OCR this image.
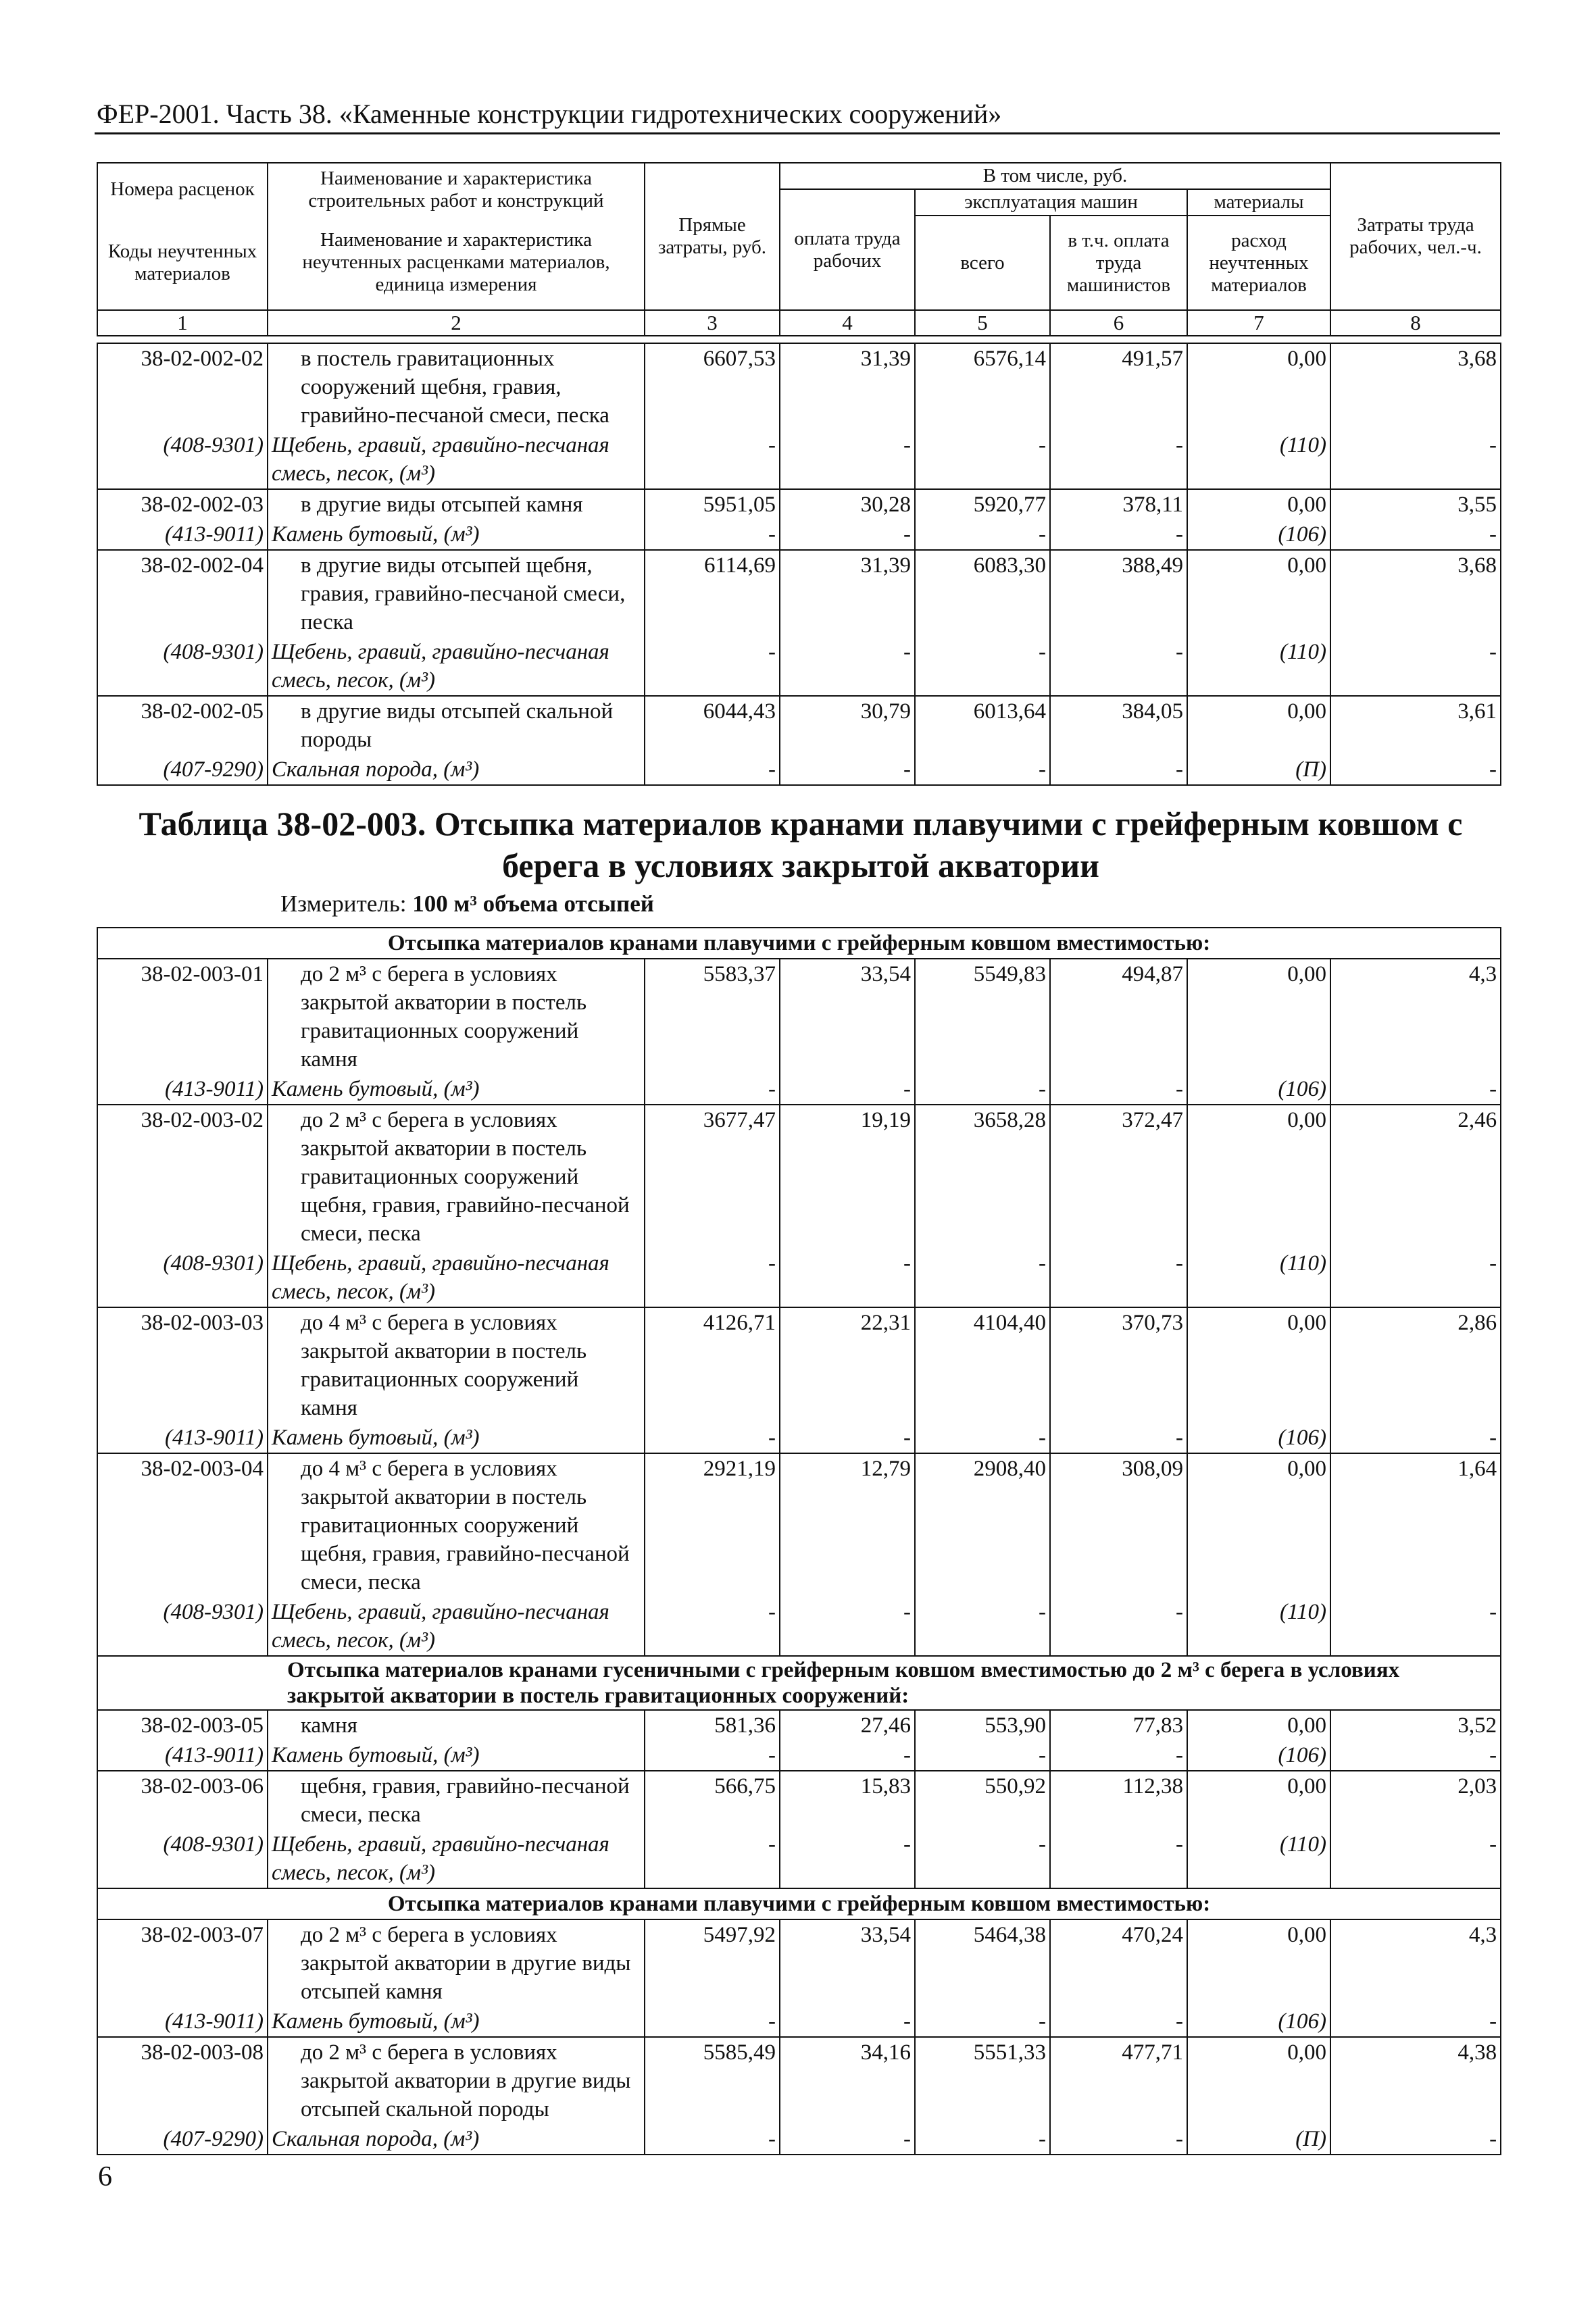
ФЕР-2001. Часть 38. «Каменные конструкции гидротехнических сооружений»
Номера расценок	Наименование и характеристика строительных работ и конструкций	Прямые затраты, руб.	В том числе, руб.				Затраты труда рабочих, чел.-ч.
			оплата труда рабочих	эксплуатация машин		материалы	
Коды неучтенных материалов	Наименование и характеристика неучтенных расценками материалов, единица измерения			всего	в т.ч. оплата труда машинистов	расход неучтенных материалов	

1	2	3	4	5	6	7	8
38-02-002-02	в постель гравитационных сооружений щебня, гравия, гравийно-песчаной смеси, песка	6607,53	31,39	6576,14	491,57	0,00	3,68
(408-9301)	Щебень, гравий, гравийно-песчаная смесь, песок, (м³)	-	-	-	-	(110)	-
38-02-002-03	в другие виды отсыпей камня	5951,05	30,28	5920,77	378,11	0,00	3,55
(413-9011)	Камень бутовый, (м³)	-	-	-	-	(106)	-
38-02-002-04	в другие виды отсыпей щебня, гравия, гравийно-песчаной смеси, песка	6114,69	31,39	6083,30	388,49	0,00	3,68
(408-9301)	Щебень, гравий, гравийно-песчаная смесь, песок, (м³)	-	-	-	-	(110)	-
38-02-002-05	в другие виды отсыпей скальной породы	6044,43	30,79	6013,64	384,05	0,00	3,61
(407-9290)	Скальная порода, (м³)	-	-	-	-	(П)	-
Таблица 38-02-003. Отсыпка материалов кранами плавучими с грейферным ковшом с
берега в условиях закрытой акватории
Измеритель: 100 м³ объема отсыпей
Отсыпка материалов кранами плавучими с грейферным ковшом вместимостью:							
38-02-003-01	до 2 м³ с берега в условиях закрытой акватории в постель гравитационных сооружений камня	5583,37	33,54	5549,83	494,87	0,00	4,3
(413-9011)	Камень бутовый, (м³)	-	-	-	-	(106)	-
38-02-003-02	до 2 м³ с берега в условиях закрытой акватории в постель гравитационных сооружений щебня, гравия, гравийно-песчаной смеси, песка	3677,47	19,19	3658,28	372,47	0,00	2,46
(408-9301)	Щебень, гравий, гравийно-песчаная смесь, песок, (м³)	-	-	-	-	(110)	-
38-02-003-03	до 4 м³ с берега в условиях закрытой акватории в постель гравитационных сооружений камня	4126,71	22,31	4104,40	370,73	0,00	2,86
(413-9011)	Камень бутовый, (м³)	-	-	-	-	(106)	-
38-02-003-04	до 4 м³ с берега в условиях закрытой акватории в постель гравитационных сооружений щебня, гравия, гравийно-песчаной смеси, песка	2921,19	12,79	2908,40	308,09	0,00	1,64
(408-9301)	Щебень, гравий, гравийно-песчаная смесь, песок, (м³)	-	-	-	-	(110)	-
Отсыпка материалов кранами гусеничными с грейферным ковшом вместимостью до 2 м³ с берега в условиях закрытой акватории в постель гравитационных сооружений:							
38-02-003-05	камня	581,36	27,46	553,90	77,83	0,00	3,52
(413-9011)	Камень бутовый, (м³)	-	-	-	-	(106)	-
38-02-003-06	щебня, гравия, гравийно-песчаной смеси, песка	566,75	15,83	550,92	112,38	0,00	2,03
(408-9301)	Щебень, гравий, гравийно-песчаная смесь, песок, (м³)	-	-	-	-	(110)	-
Отсыпка материалов кранами плавучими с грейферным ковшом вместимостью:							
38-02-003-07	до 2 м³ с берега в условиях закрытой акватории в другие виды отсыпей камня	5497,92	33,54	5464,38	470,24	0,00	4,3
(413-9011)	Камень бутовый, (м³)	-	-	-	-	(106)	-
38-02-003-08	до 2 м³ с берега в условиях закрытой акватории в другие виды отсыпей скальной породы	5585,49	34,16	5551,33	477,71	0,00	4,38
(407-9290)	Скальная порода, (м³)	-	-	-	-	(П)	-
6
